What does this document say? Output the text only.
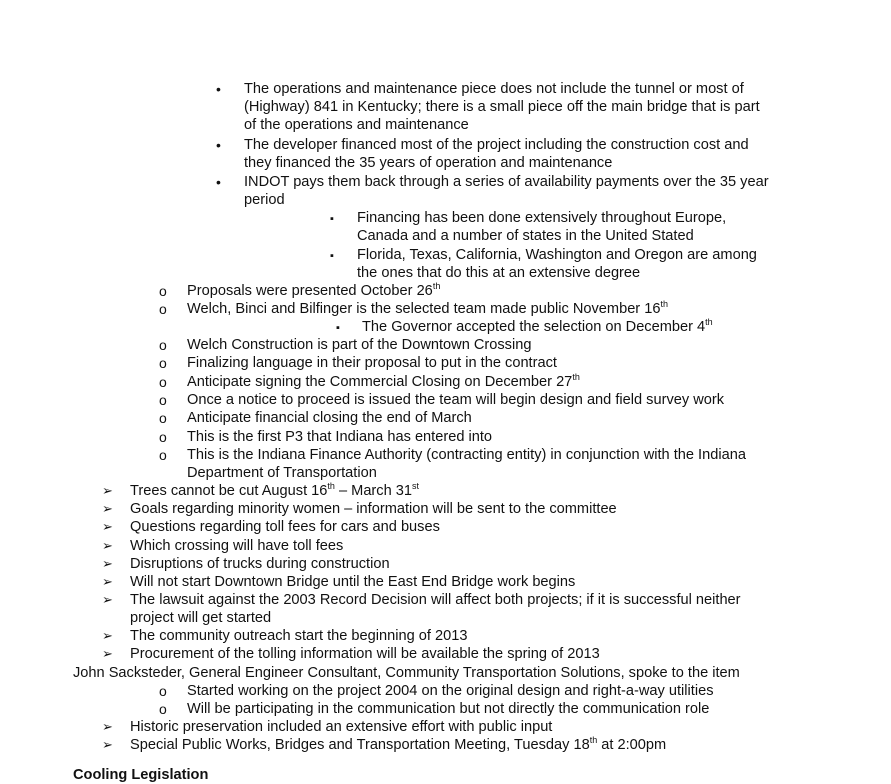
• The operations and maintenance piece does not include the tunnel or most of
(Highway) 841 in Kentucky; there is a small piece off the main bridge that is part
of the operations and maintenance
• The developer financed most of the project including the construction cost and
they financed the 35 years of operation and maintenance
• INDOT pays them back through a series of availability payments over the 35 year
period
▪ Financing has been done extensively throughout Europe,
Canada and a number of states in the United Stated
▪ Florida, Texas, California, Washington and Oregon are among
the ones that do this at an extensive degree
o Proposals were presented October 26th
o Welch, Binci and Bilfinger is the selected team made public November 16th
▪ The Governor accepted the selection on December 4th
o Welch Construction is part of the Downtown Crossing
o Finalizing language in their proposal to put in the contract
o Anticipate signing the Commercial Closing on December 27th
o Once a notice to proceed is issued the team will begin design and field survey work
o Anticipate financial closing the end of March
o This is the first P3 that Indiana has entered into
o This is the Indiana Finance Authority (contracting entity) in conjunction with the Indiana
Department of Transportation
➢ Trees cannot be cut August 16th – March 31st
➢ Goals regarding minority women – information will be sent to the committee
➢ Questions regarding toll fees for cars and buses
➢ Which crossing will have toll fees
➢ Disruptions of trucks during construction
➢ Will not start Downtown Bridge until the East End Bridge work begins
➢ The lawsuit against the 2003 Record Decision will affect both projects; if it is successful neither
project will get started
➢ The community outreach start the beginning of 2013
➢ Procurement of the tolling information will be available the spring of 2013
John Sacksteder, General Engineer Consultant, Community Transportation Solutions, spoke to the item
o Started working on the project 2004 on the original design and right-a-way utilities
o Will be participating in the communication but not directly the communication role
➢ Historic preservation included an extensive effort with public input
➢ Special Public Works, Bridges and Transportation Meeting, Tuesday 18th at 2:00pm
Cooling Legislation
